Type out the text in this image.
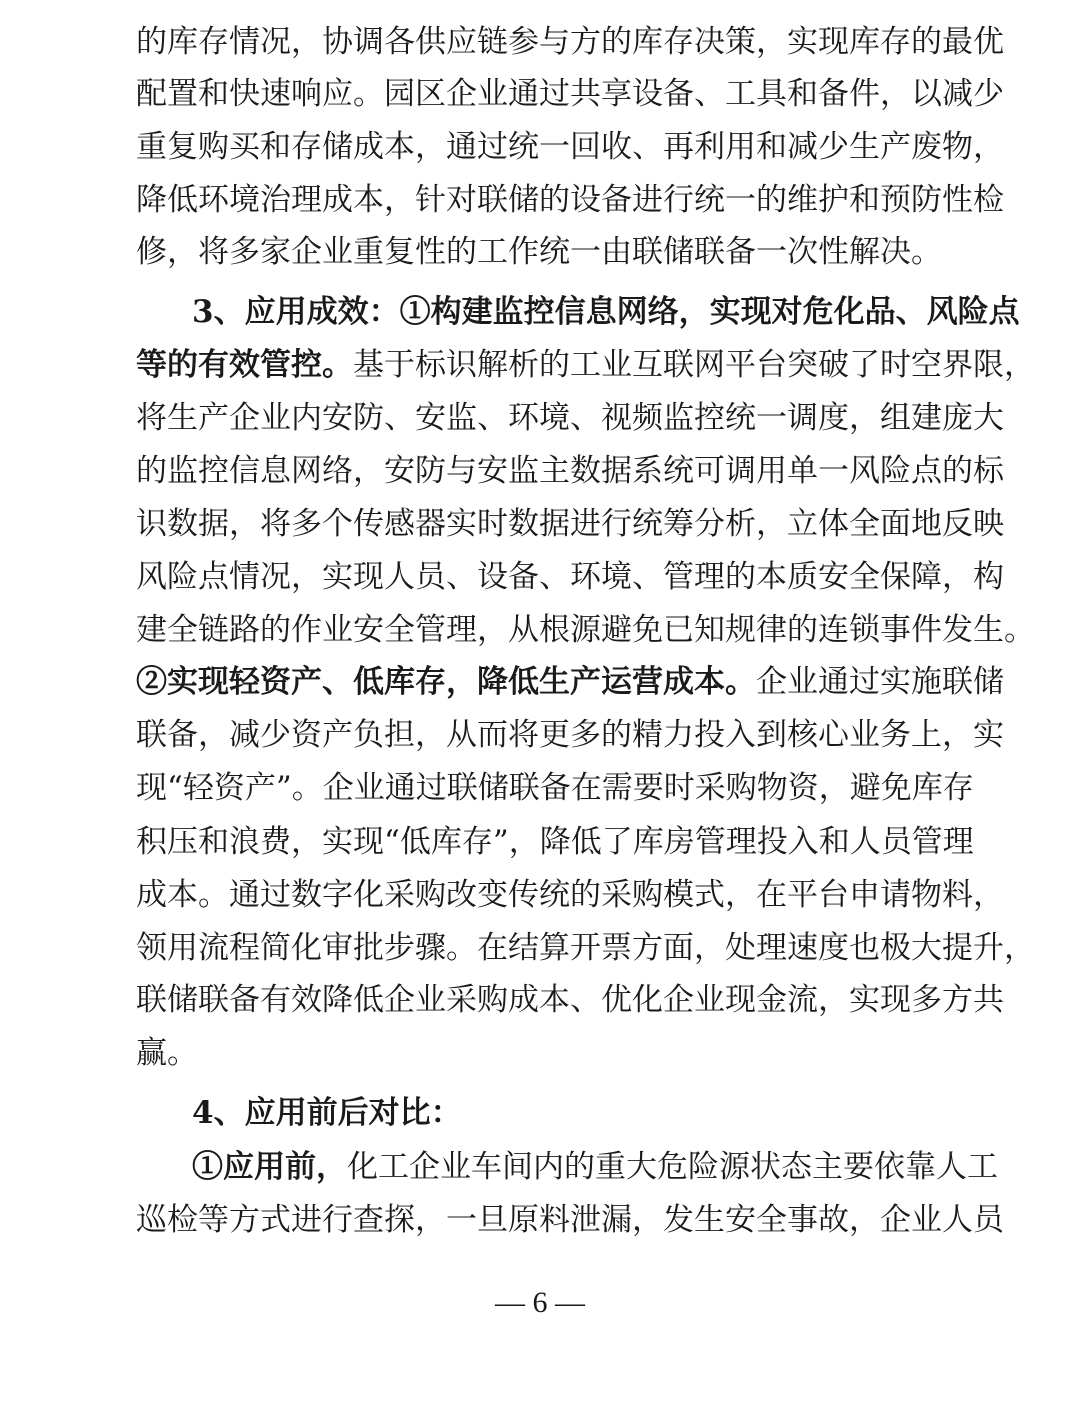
的库存情况，协调各供应链参与方的库存决策，实现库存的最优
配置和快速响应。园区企业通过共享设备、工具和备件，以减少
重复购买和存储成本，通过统一回收、再利用和减少生产废物，
降低环境治理成本，针对联储的设备进行统一的维护和预防性检
修，将多家企业重复性的工作统一由联储联备一次性解决。
3、应用成效：①构建监控信息网络，实现对危化品、风险点
等的有效管控。基于标识解析的工业互联网平台突破了时空界限，
将生产企业内安防、安监、环境、视频监控统一调度，组建庞大
的监控信息网络，安防与安监主数据系统可调用单一风险点的标
识数据，将多个传感器实时数据进行统筹分析，立体全面地反映
风险点情况，实现人员、设备、环境、管理的本质安全保障，构
建全链路的作业安全管理，从根源避免已知规律的连锁事件发生。
②实现轻资产、低库存，降低生产运营成本。企业通过实施联储
联备，减少资产负担，从而将更多的精力投入到核心业务上，实
现“轻资产”。企业通过联储联备在需要时采购物资，避免库存
积压和浪费，实现“低库存”，降低了库房管理投入和人员管理
成本。通过数字化采购改变传统的采购模式，在平台申请物料，
领用流程简化审批步骤。在结算开票方面，处理速度也极大提升，
联储联备有效降低企业采购成本、优化企业现金流，实现多方共
赢。
4、应用前后对比：
①应用前，化工企业车间内的重大危险源状态主要依靠人工
巡检等方式进行查探，一旦原料泄漏，发生安全事故，企业人员
— 6 —
